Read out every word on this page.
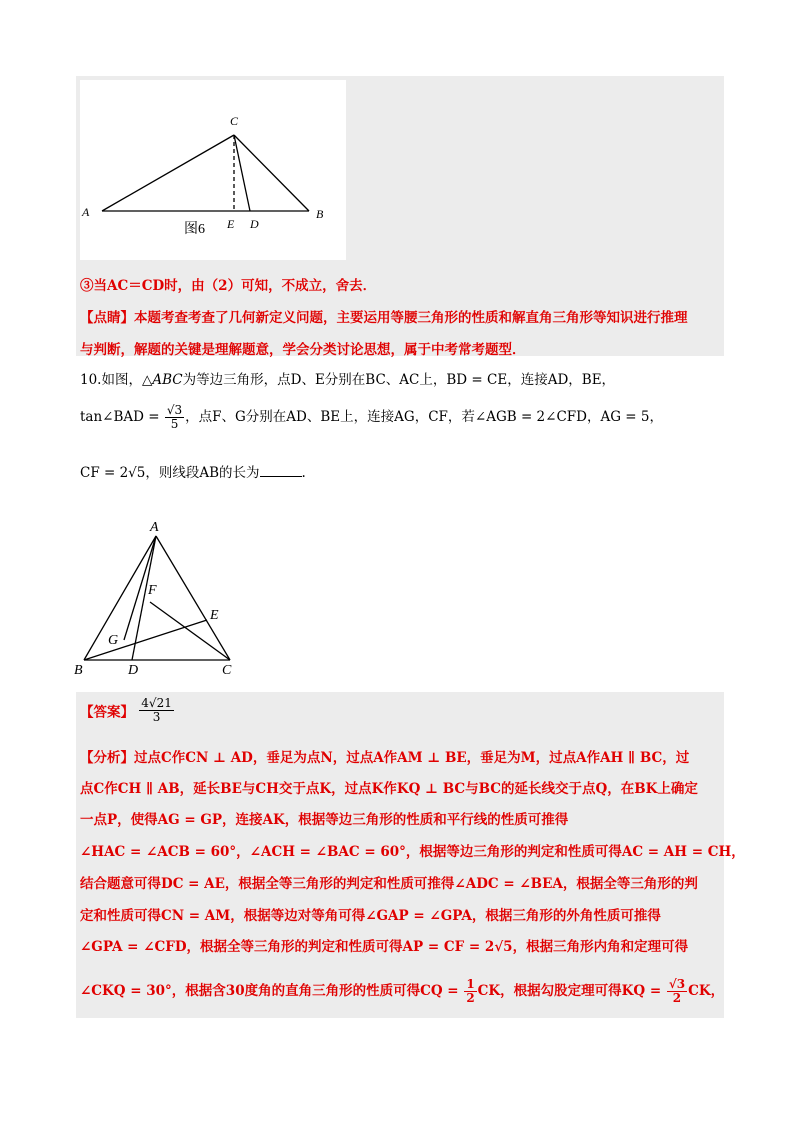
C
A	B
E D
图6
③当AC＝CD时，由（2）可知，不成立，舍去．
【点睛】本题考查考查了几何新定义问题，主要运用等腰三角形的性质和解直角三角形等知识进行推理
与判断，解题的关键是理解题意，学会分类讨论思想，属于中考常考题型．
10.如图，△ABC为等边三角形，点D、E分别在BC、AC上，BD = CE，连接AD，BE，
tan∠BAD = $\frac{√3}{5}$ ，点F、G分别在AD、BE上，连接AG，CF，若∠AGB = 2∠CFD，AG = 5，
CF = 2√5，则线段AB的长为	.
A
B	C
D
E
F
G
【答案】 $\frac{4√21}{3}$
【分析】过点C作CN ⊥ AD，垂足为点N，过点A作AM ⊥ BE，垂足为M，过点A作AH ∥ BC，过
点C作CH ∥ AB，延长BE与CH交于点K，过点K作KQ ⊥ BC与BC的延长线交于点Q，在BK上确定
一点P，使得AG = GP，连接AK，根据等边三角形的性质和平行线的性质可推得
∠HAC = ∠ACB = 60°，∠ACH = ∠BAC = 60°，根据等边三角形的判定和性质可得AC = AH = CH，
结合题意可得DC = AE，根据全等三角形的判定和性质可推得∠ADC = ∠BEA，根据全等三角形的判
定和性质可得CN = AM，根据等边对等角可得∠GAP = ∠GPA，根据三角形的外角性质可推得
∠GPA = ∠CFD，根据全等三角形的判定和性质可得AP = CF = 2√5，根据三角形内角和定理可得
∠CKQ = 30°，根据含30度角的直角三角形的性质可得CQ = $\frac{1}{2}$ CK，根据勾股定理可得KQ = $\frac{√3}{2}$ CK，
